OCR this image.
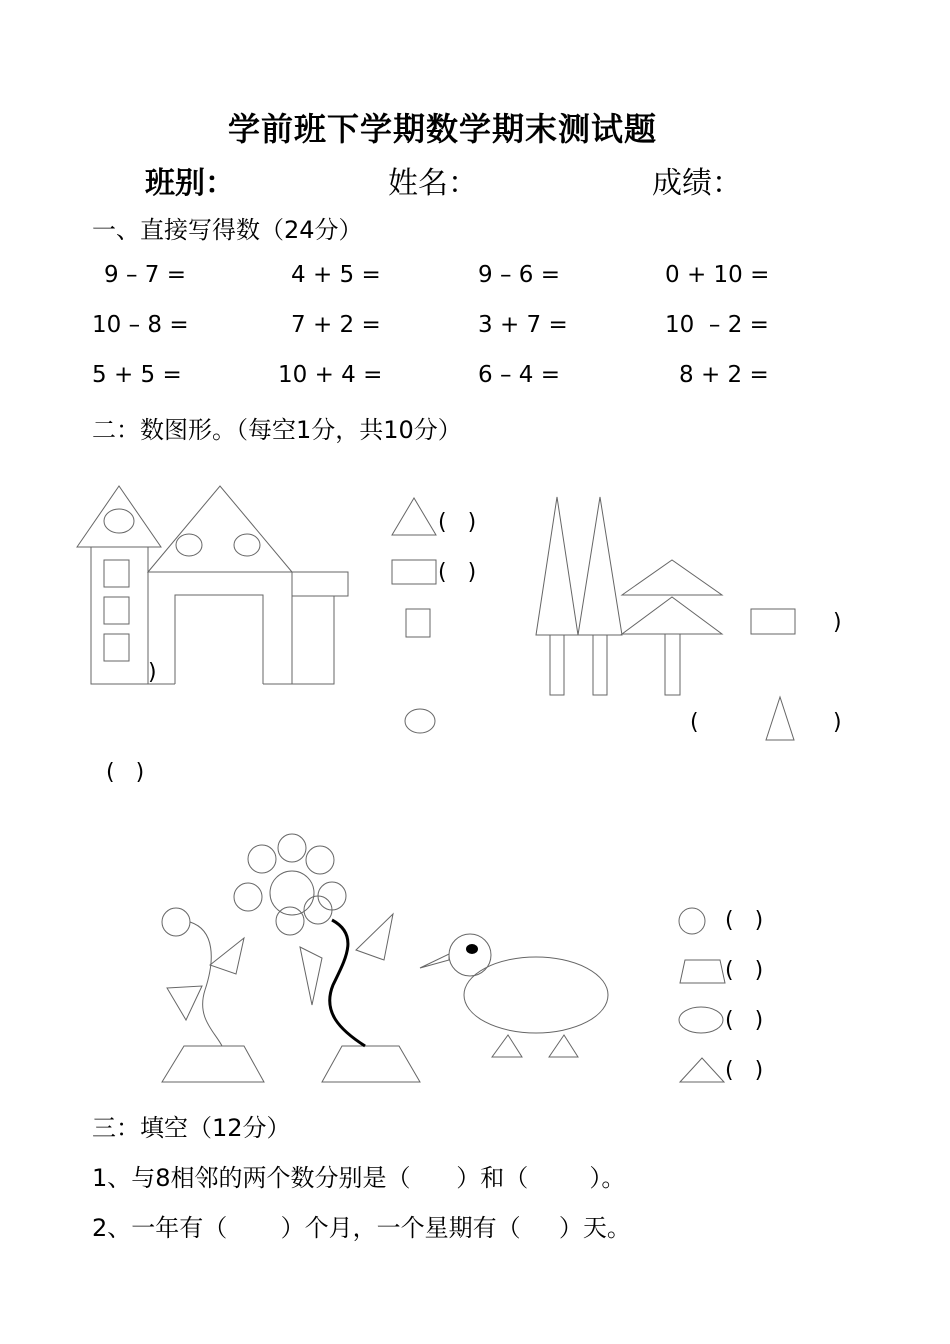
学前班下学期数学期末测试题
班别：	姓名：	成绩：
一、直接写得数（24分）
9 – 7 =	4 + 5 =	9 – 6 =	0 + 10 =
10 – 8 =	7 + 2 =	3 + 7 =	10  – 2 =
5 + 5 =	10 + 4 =	6 – 4 =	8 + 2 =
二：数图形。（每空1分，共10分）
(   )
(   )
)
)
(	)
(   )
(   )
(   )
(   )
(   )
三：填空（12分）
1、与8相邻的两个数分别是（      ）和（        ）。
2、一年有（       ）个月，一个星期有（     ）天。
